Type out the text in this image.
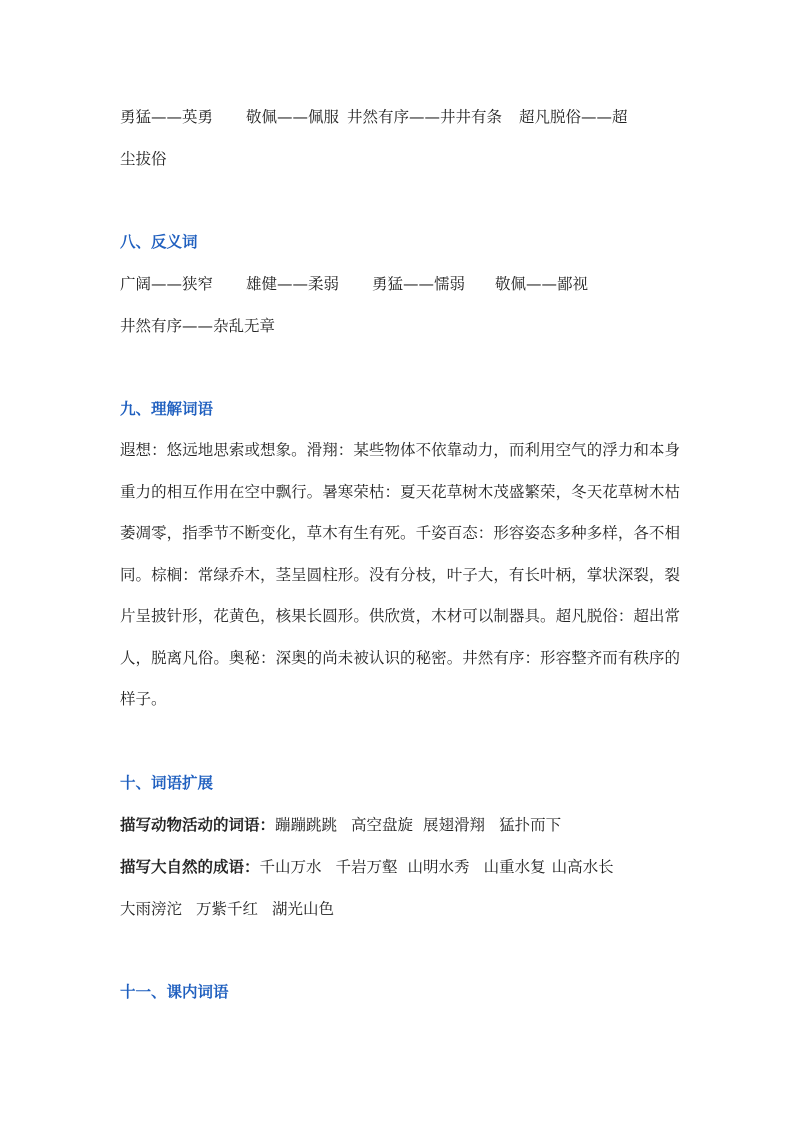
勇猛——英勇 敬佩——佩服 井然有序——井井有条 超凡脱俗——超
尘拔俗
八、反义词
广阔——狭窄 雄健——柔弱 勇猛——懦弱 敬佩——鄙视
井然有序——杂乱无章
九、理解词语
遐想：悠远地思索或想象。滑翔：某些物体不依靠动力，而利用空气的浮力和本身重力的相互作用在空中飘行。暑寒荣枯：夏天花草树木茂盛繁荣，冬天花草树木枯萎凋零，指季节不断变化，草木有生有死。千姿百态：形容姿态多种多样，各不相同。棕榈：常绿乔木，茎呈圆柱形。没有分枝，叶子大，有长叶柄，掌状深裂，裂片呈披针形，花黄色，核果长圆形。供欣赏，木材可以制器具。超凡脱俗：超出常人，脱离凡俗。奥秘：深奥的尚未被认识的秘密。井然有序：形容整齐而有秩序的样子。
十、词语扩展
描写动物活动的词语：蹦蹦跳跳 高空盘旋 展翅滑翔 猛扑而下
描写大自然的成语：千山万水 千岩万壑 山明水秀 山重水复 山高水长
大雨滂沱 万紫千红 湖光山色
十一、课内词语
